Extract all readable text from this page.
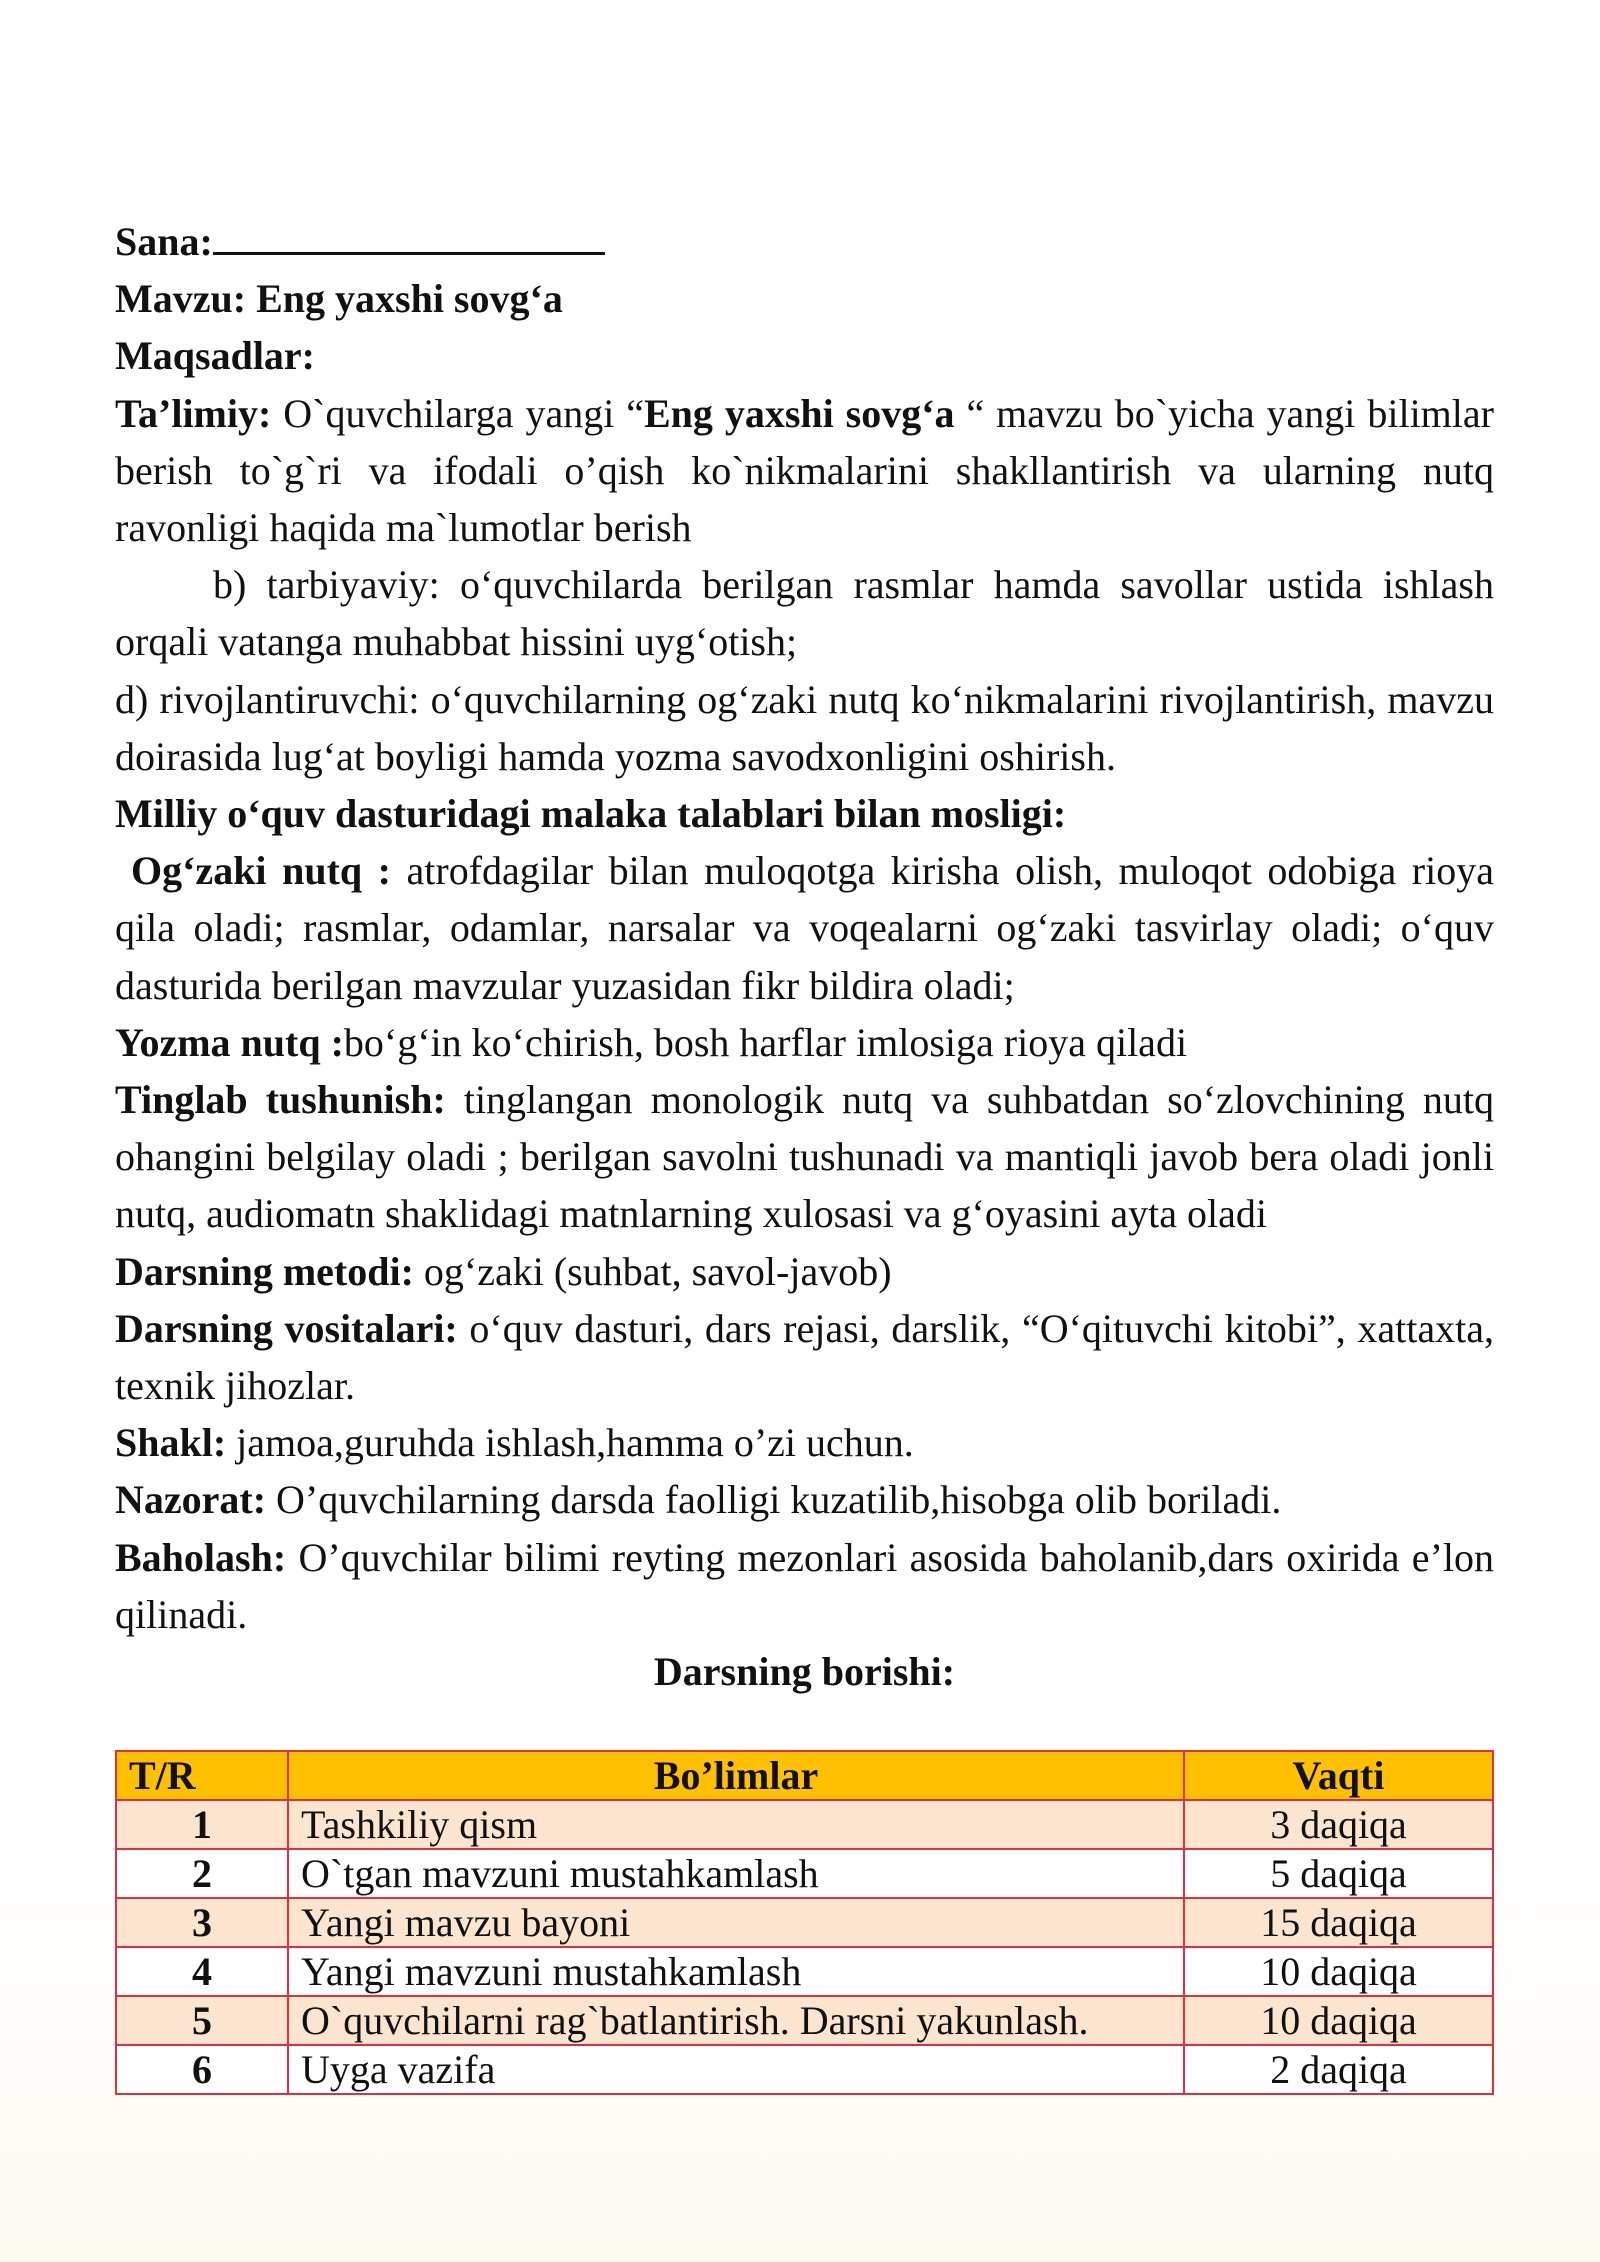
Sana:

Mavzu: Eng yaxshi sovg‘a

Maqsadlar:

Ta’limiy: O`quvchilarga yangi “Eng yaxshi sovg‘a “ mavzu bo`yicha yangi bilimlar berish to`g`ri va ifodali o’qish ko`nikmalarini shakllantirish va ularning nutq ravonligi haqida ma`lumotlar berish

b) tarbiyaviy: o‘quvchilarda berilgan rasmlar hamda savollar ustida ishlash orqali vatanga muhabbat hissini uyg‘otish;

d) rivojlantiruvchi: o‘quvchilarning og‘zaki nutq ko‘nikmalarini rivojlantirish, mavzu doirasida lug‘at boyligi hamda yozma savodxonligini oshirish.

Milliy o‘quv dasturidagi malaka talablari bilan mosligi:

Og‘zaki nutq : atrofdagilar bilan muloqotga kirisha olish, muloqot odobiga rioya qila oladi; rasmlar, odamlar, narsalar va voqealarni og‘zaki tasvirlay oladi; o‘quv dasturida berilgan mavzular yuzasidan fikr bildira oladi;

Yozma nutq :bo‘g‘in ko‘chirish, bosh harflar imlosiga rioya qiladi

Tinglab tushunish: tinglangan monologik nutq va suhbatdan so‘zlovchining nutq ohangini belgilay oladi ; berilgan savolni tushunadi va mantiqli javob bera oladi jonli nutq, audiomatn shaklidagi matnlarning xulosasi va g‘oyasini ayta oladi

Darsning metodi: og‘zaki (suhbat, savol-javob)

Darsning vositalari: o‘quv dasturi, dars rejasi, darslik, “O‘qituvchi kitobi”, xattaxta, texnik jihozlar.

Shakl: jamoa,guruhda ishlash,hamma o’zi uchun.

Nazorat: O’quvchilarning darsda faolligi kuzatilib,hisobga olib boriladi.

Baholash: O’quvchilar bilimi reyting mezonlari asosida baholanib,dars oxirida e’lon qilinadi.

Darsning borishi:

T/R	Bo’limlar	Vaqti
1	Tashkiliy qism	3 daqiqa
2	O`tgan mavzuni mustahkamlash	5 daqiqa
3	Yangi mavzu bayoni	15 daqiqa
4	Yangi mavzuni mustahkamlash	10 daqiqa
5	O`quvchilarni rag`batlantirish. Darsni yakunlash.	10 daqiqa
6	Uyga vazifa	2 daqiqa
